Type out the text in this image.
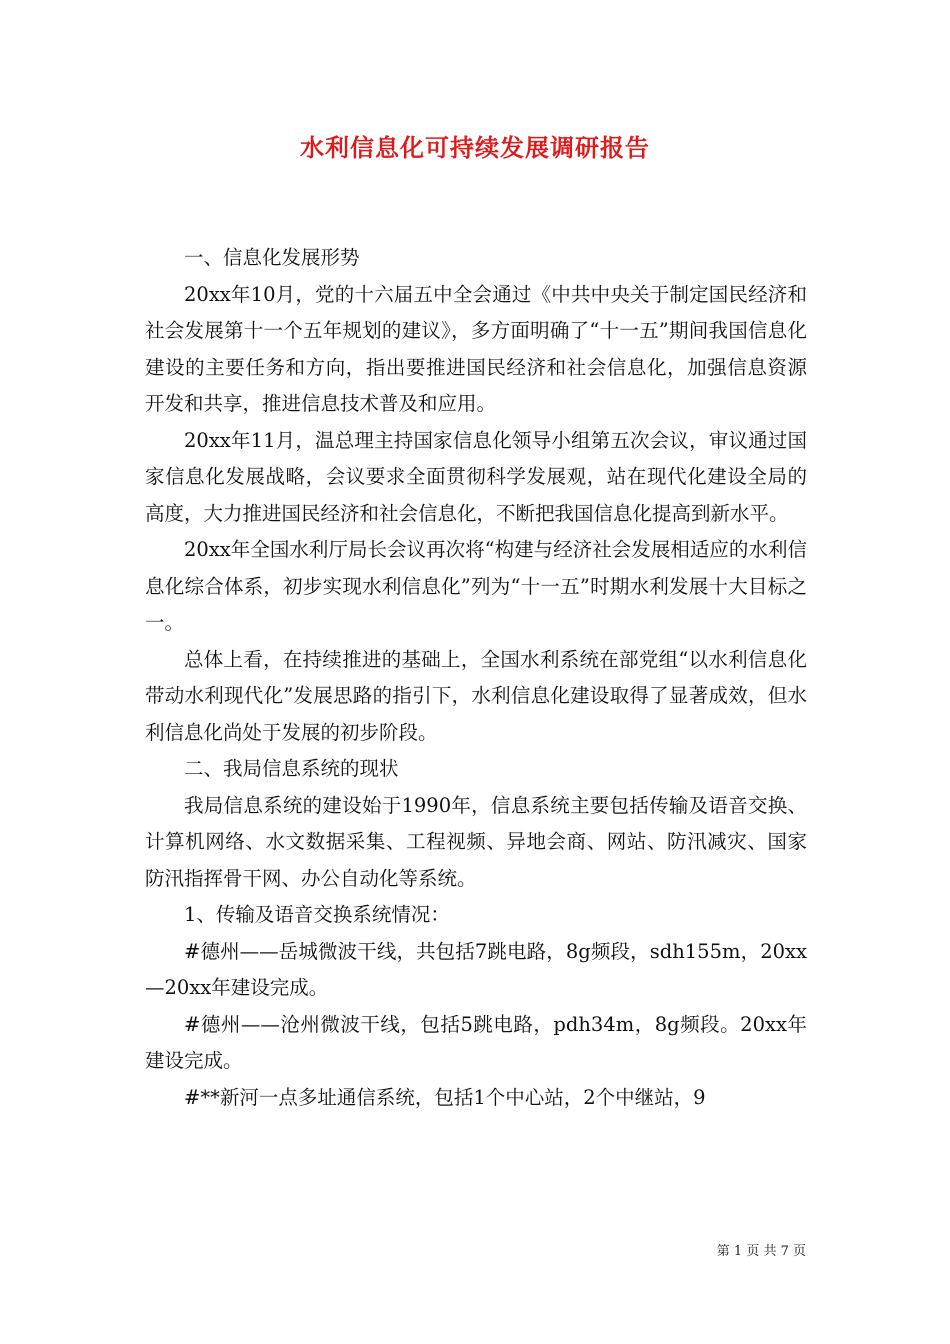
水利信息化可持续发展调研报告

一、信息化发展形势

20xx年10月，党的十六届五中全会通过《中共中央关于制定国民经济和社会发展第十一个五年规划的建议》，多方面明确了“十一五”期间我国信息化建设的主要任务和方向，指出要推进国民经济和社会信息化，加强信息资源开发和共享，推进信息技术普及和应用。

20xx年11月，温总理主持国家信息化领导小组第五次会议，审议通过国家信息化发展战略，会议要求全面贯彻科学发展观，站在现代化建设全局的高度，大力推进国民经济和社会信息化，不断把我国信息化提高到新水平。

20xx年全国水利厅局长会议再次将“构建与经济社会发展相适应的水利信息化综合体系，初步实现水利信息化”列为“十一五”时期水利发展十大目标之一。

总体上看，在持续推进的基础上，全国水利系统在部党组“以水利信息化带动水利现代化”发展思路的指引下，水利信息化建设取得了显著成效，但水利信息化尚处于发展的初步阶段。

二、我局信息系统的现状

我局信息系统的建设始于1990年，信息系统主要包括传输及语音交换、计算机网络、水文数据采集、工程视频、异地会商、网站、防汛减灾、国家防汛指挥骨干网、办公自动化等系统。

1、传输及语音交换系统情况：

#德州——岳城微波干线，共包括7跳电路，8g频段，sdh155m，20xx—20xx年建设完成。

#德州——沧州微波干线，包括5跳电路，pdh34m，8g频段。20xx年建设完成。

#**新河一点多址通信系统，包括1个中心站，2个中继站，9

第 1 页 共 7 页
